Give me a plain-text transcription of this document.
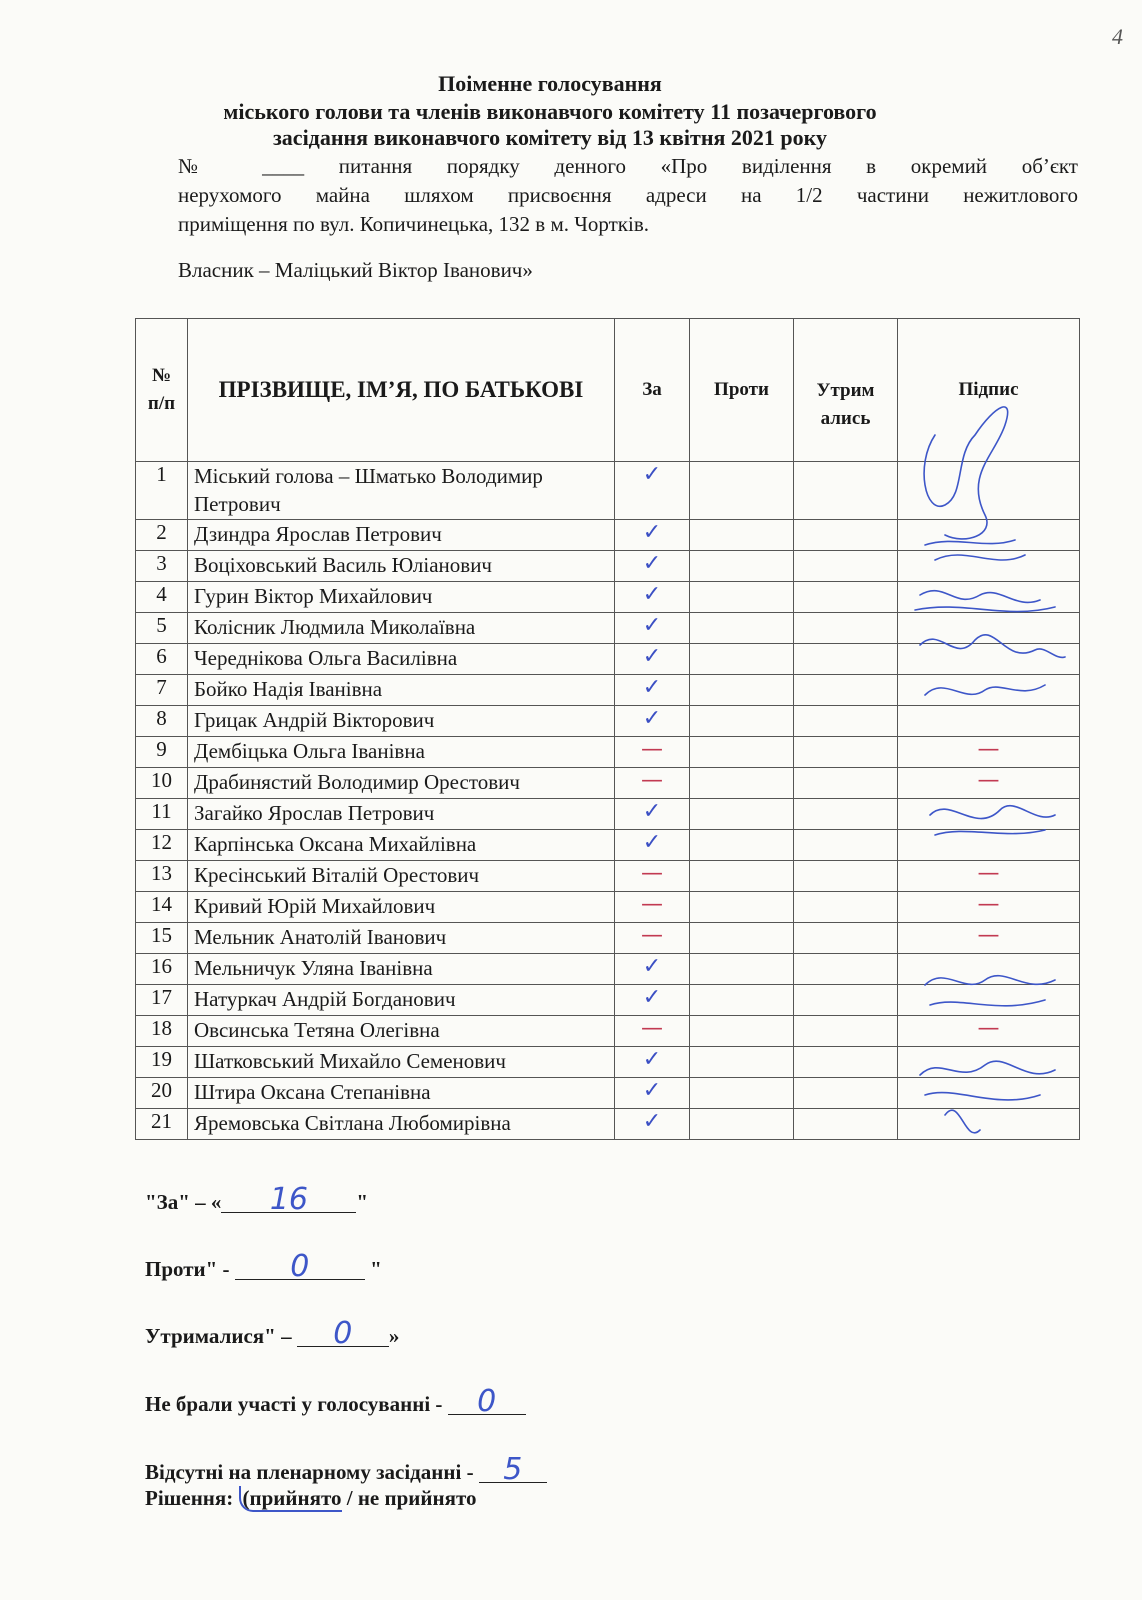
4
Поіменне голосування
міського голови та членів виконавчого комітету 11 позачергового
засідання виконавчого комітету від 13 квітня 2021 року
№ ____ питання порядку денного «Про виділення в окремий об’єкт
нерухомого майна шляхом присвоєння адреси на 1/2 частини нежитлового
приміщення по вул. Копичинецька, 132 в м. Чортків.
Власник – Маліцький Віктор Іванович»
№ п/п	ПРІЗВИЩЕ, ІМ’Я, ПО БАТЬКОВІ	За	Проти	Утрим ались	Підпис
1	Міський голова – Шматько Володимир Петрович	✓			
2	Дзиндра Ярослав Петрович	✓			
3	Воціховський Василь Юліанович	✓			
4	Гурин Віктор Михайлович	✓			
5	Колісник Людмила Миколаївна	✓			
6	Череднікова Ольга Василівна	✓			
7	Бойко Надія Іванівна	✓			
8	Грицак Андрій Вікторович	✓			
9	Дембіцька Ольга Іванівна	—			—
10	Драбинястий Володимир Орестович	—			—
11	Загайко Ярослав Петрович	✓			
12	Карпінська Оксана Михайлівна	✓			
13	Кресінський Віталій Орестович	—			—
14	Кривий Юрій Михайлович	—			—
15	Мельник Анатолій Іванович	—			—
16	Мельничук Уляна Іванівна	✓			
17	Натуркач Андрій Богданович	✓			
18	Овсинська Тетяна Олегівна	—			—
19	Шатковський Михайло Семенович	✓			
20	Штира Оксана Степанівна	✓			
21	Яремовська Світлана Любомирівна	✓			
"За" – « 16 "
Проти" - 0	"
Утрималися" – 0 »
Не брали участі у голосуванні - 0
Відсутні на пленарному засіданні - 5
Рішення: (прийнято / не прийнято
